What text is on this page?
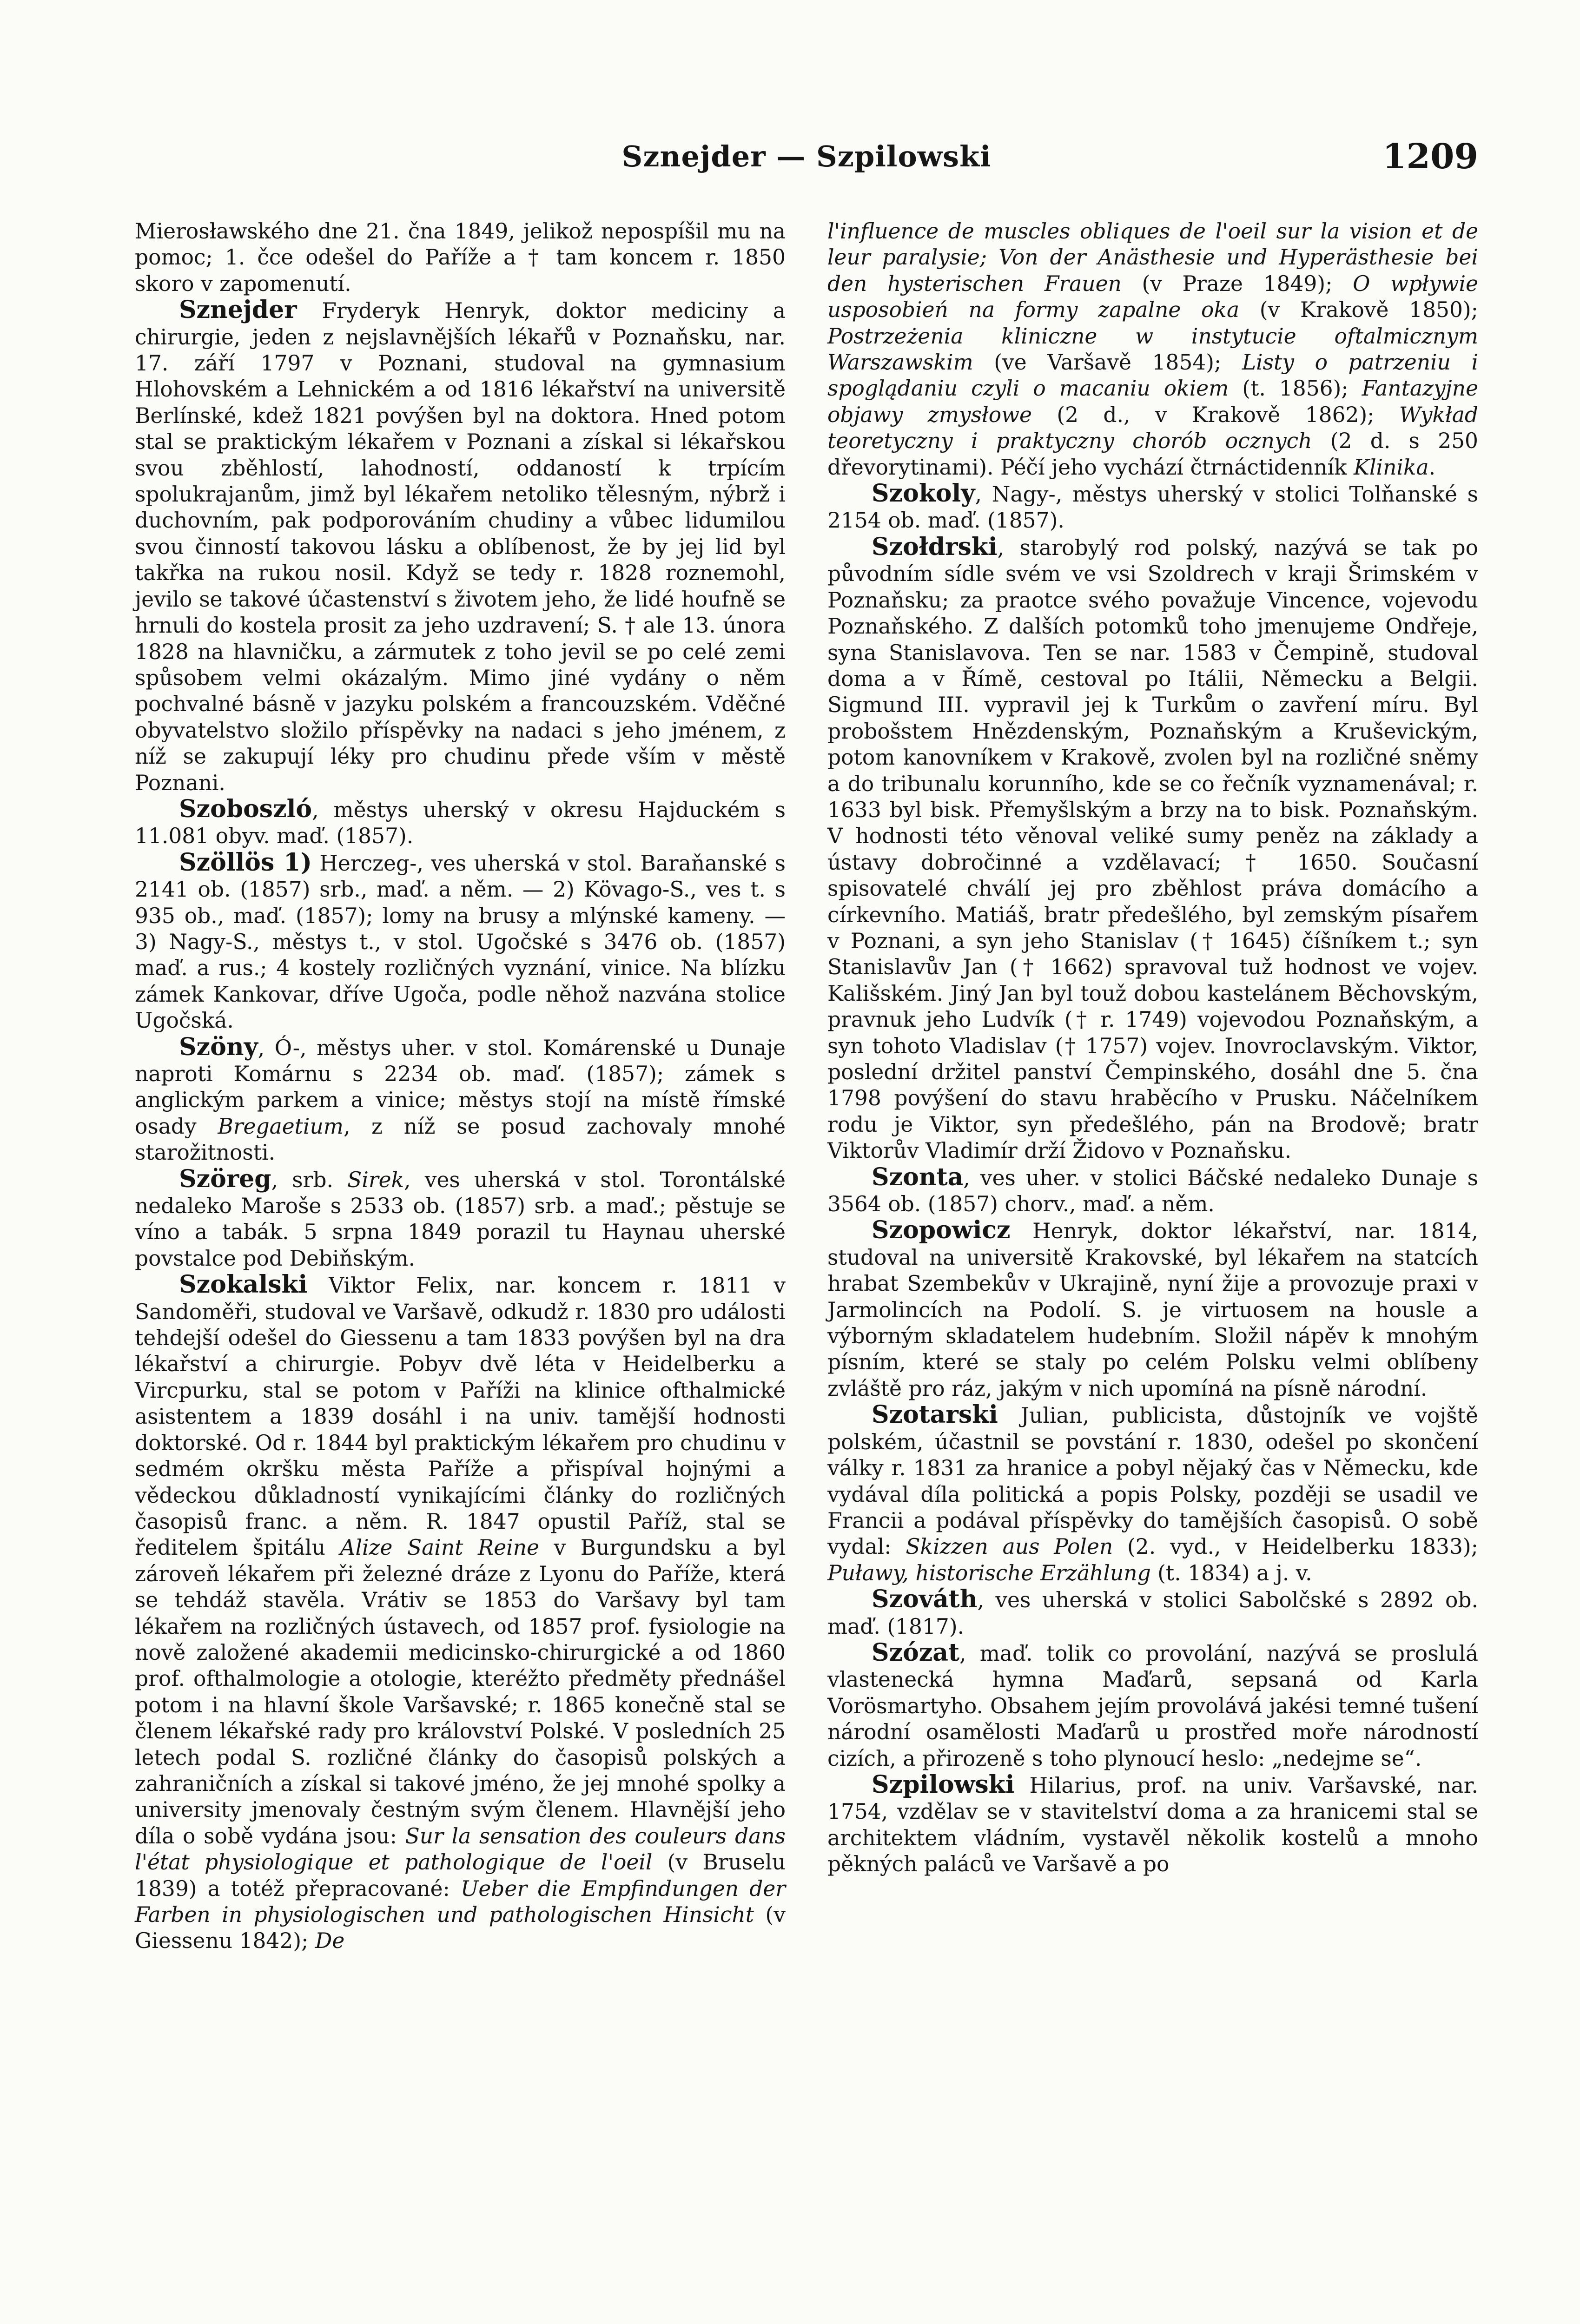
Sznejder — Szpilowski	1209

Mierosławského dne 21. čna 1849, jelikož nepospíšil mu na pomoc; 1. čce odešel do Paříže a † tam koncem r. 1850 skoro v zapomenutí.

Sznejder Fryderyk Henryk, doktor mediciny a chirurgie, jeden z nejslavnějších lékařů v Poznaňsku, nar. 17. září 1797 v Poznani, studoval na gymnasium Hlohovském a Lehnickém a od 1816 lékařství na universitě Berlínské, kdež 1821 povýšen byl na doktora. Hned potom stal se praktickým lékařem v Poznani a získal si lékařskou svou zběhlostí, lahodností, oddaností k trpícím spolukrajanům, jimž byl lékařem netoliko tělesným, nýbrž i duchovním, pak podporováním chudiny a vůbec lidumilou svou činností takovou lásku a oblíbenost, že by jej lid byl takřka na rukou nosil. Když se tedy r. 1828 roznemohl, jevilo se takové účastenství s životem jeho, že lidé houfně se hrnuli do kostela prosit za jeho uzdravení; S. † ale 13. února 1828 na hlavničku, a zármutek z toho jevil se po celé zemi spůsobem velmi okázalým. Mimo jiné vydány o něm pochvalné básně v jazyku polském a francouzském. Vděčné obyvatelstvo složilo příspěvky na nadaci s jeho jménem, z níž se zakupují léky pro chudinu přede vším v městě Poznani.

Szoboszló, městys uherský v okresu Hajduckém s 11.081 obyv. maď. (1857).

Szöllös 1) Herczeg-, ves uherská v stol. Baraňanské s 2141 ob. (1857) srb., maď. a něm. — 2) Kövago-S., ves t. s 935 ob., maď. (1857); lomy na brusy a mlýnské kameny. — 3) Nagy-S., městys t., v stol. Ugočské s 3476 ob. (1857) maď. a rus.; 4 kostely rozličných vyznání, vinice. Na blízku zámek Kankovar, dříve Ugoča, podle něhož nazvána stolice Ugočská.

Szöny, Ó-, městys uher. v stol. Komárenské u Dunaje naproti Komárnu s 2234 ob. maď. (1857); zámek s anglickým parkem a vinice; městys stojí na místě římské osady Bregaetium, z níž se posud zachovaly mnohé starožitnosti.

Szöreg, srb. Sirek, ves uherská v stol. Torontálské nedaleko Maroše s 2533 ob. (1857) srb. a maď.; pěstuje se víno a tabák. 5 srpna 1849 porazil tu Haynau uherské povstalce pod Debiňským.

Szokalski Viktor Felix, nar. koncem r. 1811 v Sandoměři, studoval ve Varšavě, odkudž r. 1830 pro události tehdejší odešel do Giessenu a tam 1833 povýšen byl na dra lékařství a chirurgie. Pobyv dvě léta v Heidelberku a Vircpurku, stal se potom v Paříži na klinice ofthalmické asistentem a 1839 dosáhl i na univ. tamější hodnosti doktorské. Od r. 1844 byl praktickým lékařem pro chudinu v sedmém okršku města Paříže a přispíval hojnými a vědeckou důkladností vynikajícími články do rozličných časopisů franc. a něm. R. 1847 opustil Paříž, stal se ředitelem špitálu Alize Saint Reine v Burgundsku a byl zároveň lékařem při železné dráze z Lyonu do Paříže, která se tehdáž stavěla. Vrátiv se 1853 do Varšavy byl tam lékařem na rozličných ústavech, od 1857 prof. fysiologie na nově založené akademii medicinsko-chirurgické a od 1860 prof. ofthalmologie a otologie, kteréžto předměty přednášel potom i na hlavní škole Varšavské; r. 1865 konečně stal se členem lékařské rady pro království Polské. V posledních 25 letech podal S. rozličné články do časopisů polských a zahraničních a získal si takové jméno, že jej mnohé spolky a university jmenovaly čestným svým členem. Hlavnější jeho díla o sobě vydána jsou: Sur la sensation des couleurs dans l'état physiologique et pathologique de l'oeil (v Bruselu 1839) a totéž přepracované: Ueber die Empfindungen der Farben in physiologischen und pathologischen Hinsicht (v Giessenu 1842); De

l'influence de muscles obliques de l'oeil sur la vision et de leur paralysie; Von der Anästhesie und Hyperästhesie bei den hysterischen Frauen (v Praze 1849); O wpływie usposobień na formy zapalne oka (v Krakově 1850); Postrzeżenia kliniczne w instytucie oftalmicznym Warszawskim (ve Varšavě 1854); Listy o patrzeniu i spoglądaniu czyli o macaniu okiem (t. 1856); Fantazyjne objawy zmysłowe (2 d., v Krakově 1862); Wykład teoretyczny i praktyczny chorób ocznych (2 d. s 250 dřevorytinami). Péčí jeho vychází čtrnáctidenník Klinika.

Szokoly, Nagy-, městys uherský v stolici Tolňanské s 2154 ob. maď. (1857).

Szołdrski, starobylý rod polský, nazývá se tak po původním sídle svém ve vsi Szoldrech v kraji Šrimském v Poznaňsku; za praotce svého považuje Vincence, vojevodu Poznaňského. Z dalších potomků toho jmenujeme Ondřeje, syna Stanislavova. Ten se nar. 1583 v Čempině, studoval doma a v Římě, cestoval po Itálii, Německu a Belgii. Sigmund III. vypravil jej k Turkům o zavření míru. Byl probošstem Hnězdenským, Poznaňským a Kruševickým, potom kanovníkem v Krakově, zvolen byl na rozličné sněmy a do tribunalu korunního, kde se co řečník vyznamenával; r. 1633 byl bisk. Přemyšlským a brzy na to bisk. Poznaňským. V hodnosti této věnoval veliké sumy peněz na základy a ústavy dobročinné a vzdělavací; † 1650. Současní spisovatelé chválí jej pro zběhlost práva domácího a církevního. Matiáš, bratr předešlého, byl zemským písařem v Poznani, a syn jeho Stanislav († 1645) číšníkem t.; syn Stanislavův Jan († 1662) spravoval tuž hodnost ve vojev. Kališském. Jiný Jan byl touž dobou kastelánem Běchovským, pravnuk jeho Ludvík († r. 1749) vojevodou Poznaňským, a syn tohoto Vladislav († 1757) vojev. Inovroclavským. Viktor, poslední držitel panství Čempinského, dosáhl dne 5. čna 1798 povýšení do stavu hraběcího v Prusku. Náčelníkem rodu je Viktor, syn předešlého, pán na Brodově; bratr Viktorův Vladimír drží Židovo v Poznaňsku.

Szonta, ves uher. v stolici Báčské nedaleko Dunaje s 3564 ob. (1857) chorv., maď. a něm.

Szopowicz Henryk, doktor lékařství, nar. 1814, studoval na universitě Krakovské, byl lékařem na statcích hrabat Szembekův v Ukrajině, nyní žije a provozuje praxi v Jarmolincích na Podolí. S. je virtuosem na housle a výborným skladatelem hudebním. Složil nápěv k mnohým písním, které se staly po celém Polsku velmi oblíbeny zvláště pro ráz, jakým v nich upomíná na písně národní.

Szotarski Julian, publicista, důstojník ve vojště polském, účastnil se povstání r. 1830, odešel po skončení války r. 1831 za hranice a pobyl nějaký čas v Německu, kde vydával díla politická a popis Polsky, později se usadil ve Francii a podával příspěvky do tamějších časopisů. O sobě vydal: Skizzen aus Polen (2. vyd., v Heidelberku 1833); Puławy, historische Erzählung (t. 1834) a j. v.

Szováth, ves uherská v stolici Sabolčské s 2892 ob. maď. (1817).

Szózat, maď. tolik co provolání, nazývá se proslulá vlastenecká hymna Maďarů, sepsaná od Karla Vorösmartyho. Obsahem jejím provolává jakési temné tušení národní osamělosti Maďarů u prostřed moře národností cizích, a přirozeně s toho plynoucí heslo: „nedejme se“.

Szpilowski Hilarius, prof. na univ. Varšavské, nar. 1754, vzdělav se v stavitelství doma a za hranicemi stal se architektem vládním, vystavěl několik kostelů a mnoho pěkných paláců ve Varšavě a po
